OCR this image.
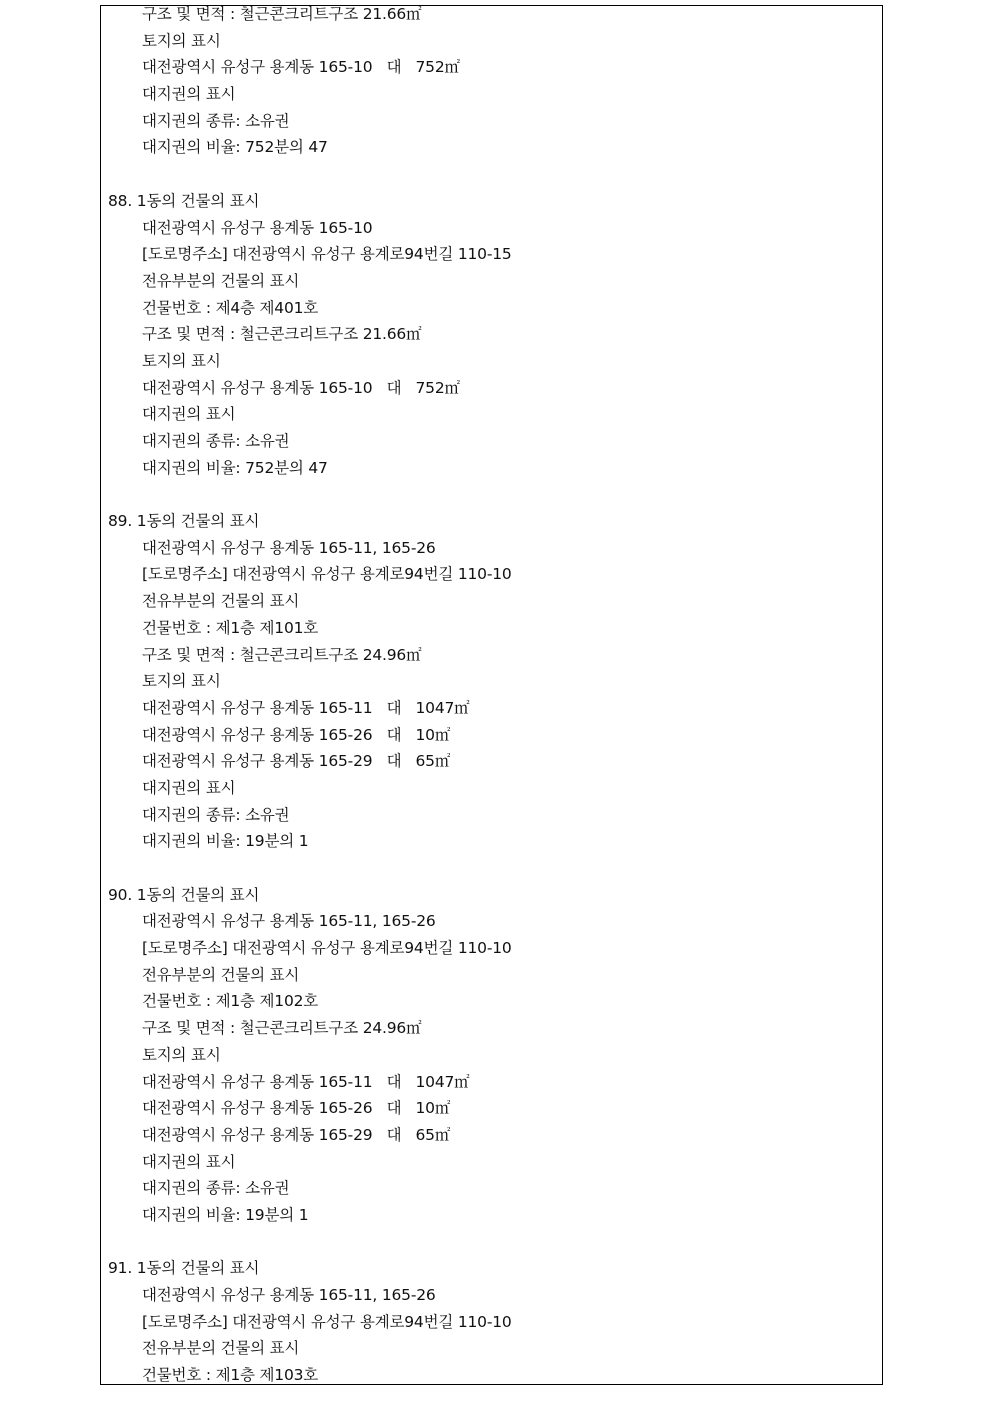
구조 및 면적 : 철근콘크리트구조 21.66㎡
토지의 표시
대전광역시 유성구 용계동 165-10   대   752㎡
대지권의 표시
대지권의 종류: 소유권
대지권의 비율: 752분의 47
88. 1동의 건물의 표시
대전광역시 유성구 용계동 165-10
[도로명주소] 대전광역시 유성구 용계로94번길 110-15
전유부분의 건물의 표시
건물번호 : 제4층 제401호
구조 및 면적 : 철근콘크리트구조 21.66㎡
토지의 표시
대전광역시 유성구 용계동 165-10   대   752㎡
대지권의 표시
대지권의 종류: 소유권
대지권의 비율: 752분의 47
89. 1동의 건물의 표시
대전광역시 유성구 용계동 165-11, 165-26
[도로명주소] 대전광역시 유성구 용계로94번길 110-10
전유부분의 건물의 표시
건물번호 : 제1층 제101호
구조 및 면적 : 철근콘크리트구조 24.96㎡
토지의 표시
대전광역시 유성구 용계동 165-11   대   1047㎡
대전광역시 유성구 용계동 165-26   대   10㎡
대전광역시 유성구 용계동 165-29   대   65㎡
대지권의 표시
대지권의 종류: 소유권
대지권의 비율: 19분의 1
90. 1동의 건물의 표시
대전광역시 유성구 용계동 165-11, 165-26
[도로명주소] 대전광역시 유성구 용계로94번길 110-10
전유부분의 건물의 표시
건물번호 : 제1층 제102호
구조 및 면적 : 철근콘크리트구조 24.96㎡
토지의 표시
대전광역시 유성구 용계동 165-11   대   1047㎡
대전광역시 유성구 용계동 165-26   대   10㎡
대전광역시 유성구 용계동 165-29   대   65㎡
대지권의 표시
대지권의 종류: 소유권
대지권의 비율: 19분의 1
91. 1동의 건물의 표시
대전광역시 유성구 용계동 165-11, 165-26
[도로명주소] 대전광역시 유성구 용계로94번길 110-10
전유부분의 건물의 표시
건물번호 : 제1층 제103호
